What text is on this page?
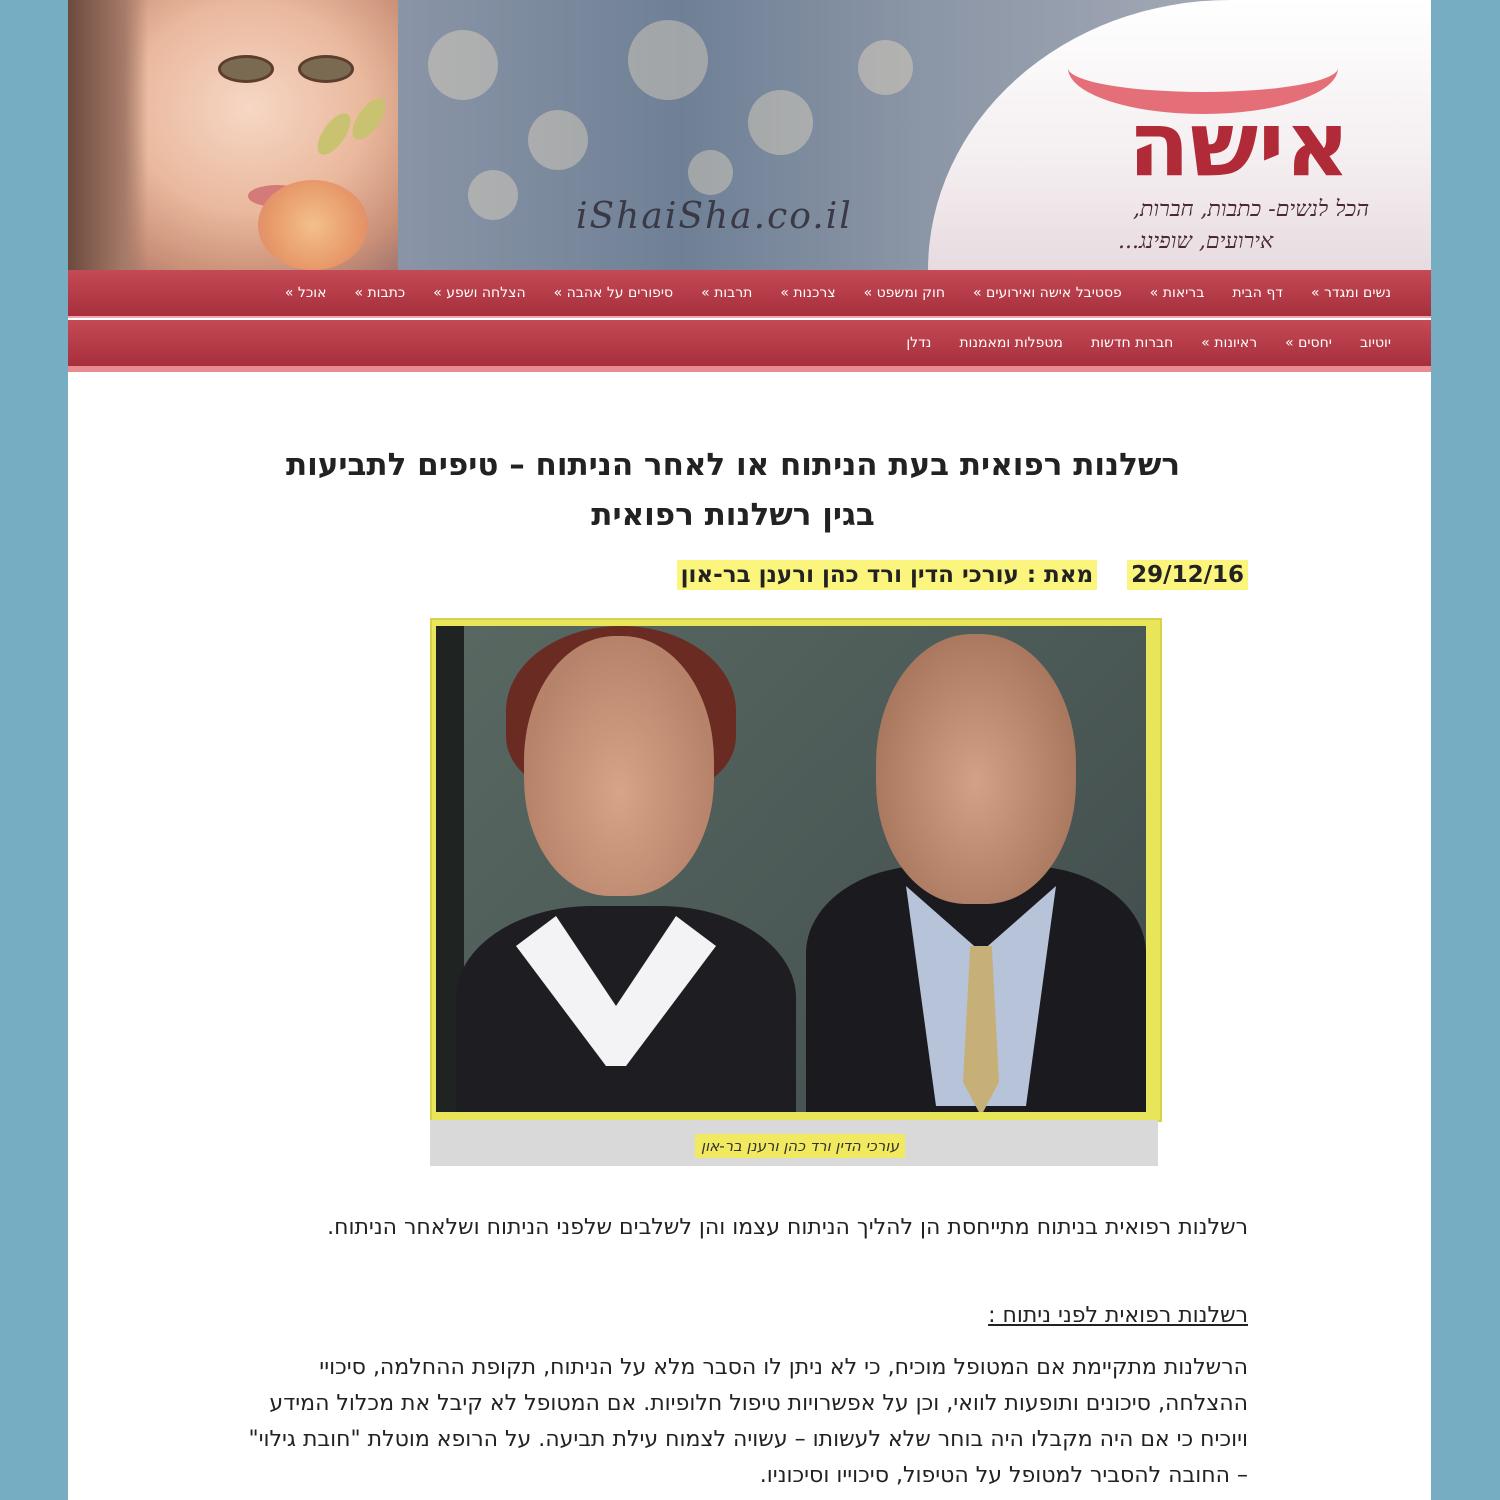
iShaiSha.co.il
אישה
הכל לנשים- כתבות, חברות,
אירועים, שופינג...
נשים ומגדר »
דף הבית
בריאות »
פסטיבל אישה ואירועים »
חוק ומשפט »
צרכנות »
תרבות »
סיפורים על אהבה »
הצלחה ושפע »
כתבות »
אוכל »
יוטיוב
יחסים »
ראיונות »
חברות חדשות
מטפלות ומאמנות
נדלן
רשלנות רפואית בעת הניתוח או לאחר הניתוח – טיפים לתביעות בגין רשלנות רפואית
29/12/16
מאת : עורכי הדין ורד כהן ורענן בר-און
עורכי הדין ורד כהן ורענן בר-און

רשלנות רפואית בניתוח מתייחסת הן להליך הניתוח עצמו והן לשלבים שלפני הניתוח ושלאחר הניתוח.

רשלנות רפואית לפני ניתוח :

הרשלנות מתקיימת אם המטופל מוכיח, כי לא ניתן לו הסבר מלא על הניתוח, תקופת ההחלמה, סיכויי ההצלחה, סיכונים ותופעות לוואי, וכן על אפשרויות טיפול חלופיות. אם המטופל לא קיבל את מכלול המידע ויוכיח כי אם היה מקבלו היה בוחר שלא לעשותו – עשויה לצמוח עילת תביעה. על הרופא מוטלת "חובת גילוי" – החובה להסביר למטופל על הטיפול, סיכוייו וסיכוניו.
